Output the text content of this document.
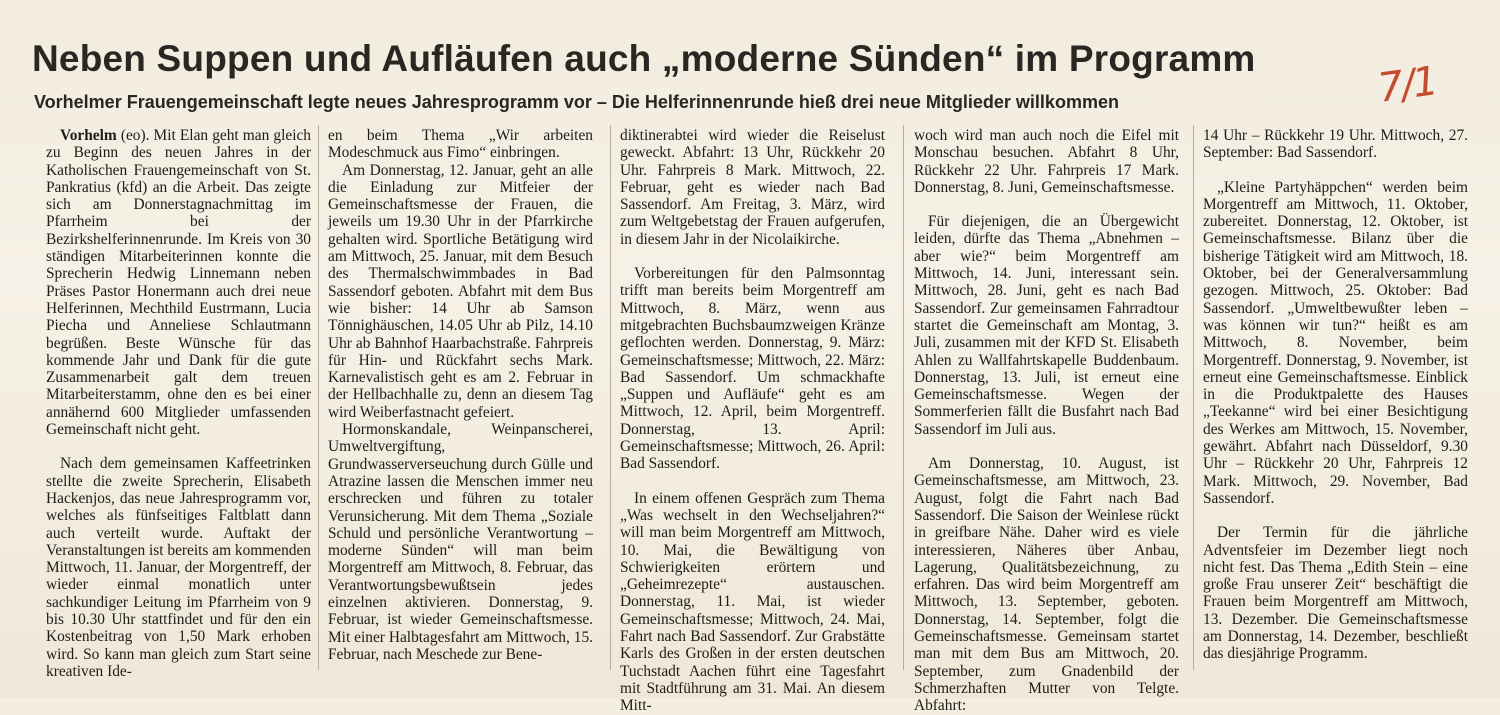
Neben Suppen und Aufläufen auch „moderne Sünden“ im Programm
Vorhelmer Frauengemeinschaft legte neues Jahresprogramm vor – Die Helferinnenrunde hieß drei neue Mitglieder willkommen	7/1

Vorhelm (eo). Mit Elan geht man gleich zu Beginn des neuen Jahres in der Katholischen Frauengemeinschaft von St. Pankratius (kfd) an die Arbeit. Das zeigte sich am Donnerstagnachmittag im Pfarrheim bei der Bezirkshelferinnenrunde. Im Kreis von 30 ständigen Mitarbeiterinnen konnte die Sprecherin Hedwig Linnemann neben Präses Pastor Honermann auch drei neue Helferinnen, Mechthild Eustrmann, Lucia Piecha und Anneliese Schlautmann begrüßen. Beste Wünsche für das kommende Jahr und Dank für die gute Zusammenarbeit galt dem treuen Mitarbeiterstamm, ohne den es bei einer annähernd 600 Mitglieder umfassenden Gemeinschaft nicht geht.

Nach dem gemeinsamen Kaffeetrinken stellte die zweite Sprecherin, Elisabeth Hackenjos, das neue Jahresprogramm vor, welches als fünfseitiges Faltblatt dann auch verteilt wurde. Auftakt der Veranstaltungen ist bereits am kommenden Mittwoch, 11. Januar, der Morgentreff, der wieder einmal monatlich unter sachkundiger Leitung im Pfarrheim von 9 bis 10.30 Uhr stattfindet und für den ein Kostenbeitrag von 1,50 Mark erhoben wird. So kann man gleich zum Start seine kreativen Ide-

en beim Thema „Wir arbeiten Modeschmuck aus Fimo“ einbringen.

Am Donnerstag, 12. Januar, geht an alle die Einladung zur Mitfeier der Gemeinschaftsmesse der Frauen, die jeweils um 19.30 Uhr in der Pfarrkirche gehalten wird. Sportliche Betätigung wird am Mittwoch, 25. Januar, mit dem Besuch des Thermalschwimmbades in Bad Sassendorf geboten. Abfahrt mit dem Bus wie bisher: 14 Uhr ab Samson Tönnighäuschen, 14.05 Uhr ab Pilz, 14.10 Uhr ab Bahnhof Haarbachstraße. Fahrpreis für Hin- und Rückfahrt sechs Mark. Karnevalistisch geht es am 2. Februar in der Hellbachhalle zu, denn an diesem Tag wird Weiberfastnacht gefeiert.

Hormonskandale, Weinpanscherei, Umweltvergiftung, Grundwasserverseuchung durch Gülle und Atrazine lassen die Menschen immer neu erschrecken und führen zu totaler Verunsicherung. Mit dem Thema „Soziale Schuld und persönliche Verantwortung – moderne Sünden“ will man beim Morgentreff am Mittwoch, 8. Februar, das Verantwortungsbewußtsein jedes einzelnen aktivieren. Donnerstag, 9. Februar, ist wieder Gemeinschaftsmesse. Mit einer Halbtagesfahrt am Mittwoch, 15. Februar, nach Meschede zur Bene-

diktinerabtei wird wieder die Reiselust geweckt. Abfahrt: 13 Uhr, Rückkehr 20 Uhr. Fahrpreis 8 Mark. Mittwoch, 22. Februar, geht es wieder nach Bad Sassendorf. Am Freitag, 3. März, wird zum Weltgebetstag der Frauen aufgerufen, in diesem Jahr in der Nicolaikirche.

Vorbereitungen für den Palmsonntag trifft man bereits beim Morgentreff am Mittwoch, 8. März, wenn aus mitgebrachten Buchsbaumzweigen Kränze geflochten werden. Donnerstag, 9. März: Gemeinschaftsmesse; Mittwoch, 22. März: Bad Sassendorf. Um schmackhafte „Suppen und Aufläufe“ geht es am Mittwoch, 12. April, beim Morgentreff. Donnerstag, 13. April: Gemeinschaftsmesse; Mittwoch, 26. April: Bad Sassendorf.

In einem offenen Gespräch zum Thema „Was wechselt in den Wechseljahren?“ will man beim Morgentreff am Mittwoch, 10. Mai, die Bewältigung von Schwierigkeiten erörtern und „Geheimrezepte“ austauschen. Donnerstag, 11. Mai, ist wieder Gemeinschaftsmesse; Mittwoch, 24. Mai, Fahrt nach Bad Sassendorf. Zur Grabstätte Karls des Großen in der ersten deutschen Tuchstadt Aachen führt eine Tagesfahrt mit Stadtführung am 31. Mai. An diesem Mitt-

woch wird man auch noch die Eifel mit Monschau besuchen. Abfahrt 8 Uhr, Rückkehr 22 Uhr. Fahrpreis 17 Mark. Donnerstag, 8. Juni, Gemeinschaftsmesse.

Für diejenigen, die an Übergewicht leiden, dürfte das Thema „Abnehmen – aber wie?“ beim Morgentreff am Mittwoch, 14. Juni, interessant sein. Mittwoch, 28. Juni, geht es nach Bad Sassendorf. Zur gemeinsamen Fahrradtour startet die Gemeinschaft am Montag, 3. Juli, zusammen mit der KFD St. Elisabeth Ahlen zu Wallfahrtskapelle Buddenbaum. Donnerstag, 13. Juli, ist erneut eine Gemeinschaftsmesse. Wegen der Sommerferien fällt die Busfahrt nach Bad Sassendorf im Juli aus.

Am Donnerstag, 10. August, ist Gemeinschaftsmesse, am Mittwoch, 23. August, folgt die Fahrt nach Bad Sassendorf. Die Saison der Weinlese rückt in greifbare Nähe. Daher wird es viele interessieren, Näheres über Anbau, Lagerung, Qualitätsbezeichnung, zu erfahren. Das wird beim Morgentreff am Mittwoch, 13. September, geboten. Donnerstag, 14. September, folgt die Gemeinschaftsmesse. Gemeinsam startet man mit dem Bus am Mittwoch, 20. September, zum Gnadenbild der Schmerzhaften Mutter von Telgte. Abfahrt:

14 Uhr – Rückkehr 19 Uhr. Mittwoch, 27. September: Bad Sassendorf.

„Kleine Partyhäppchen“ werden beim Morgentreff am Mittwoch, 11. Oktober, zubereitet. Donnerstag, 12. Oktober, ist Gemeinschaftsmesse. Bilanz über die bisherige Tätigkeit wird am Mittwoch, 18. Oktober, bei der Generalversammlung gezogen. Mittwoch, 25. Oktober: Bad Sassendorf. „Umweltbewußter leben – was können wir tun?“ heißt es am Mittwoch, 8. November, beim Morgentreff. Donnerstag, 9. November, ist erneut eine Gemeinschaftsmesse. Einblick in die Produktpalette des Hauses „Teekanne“ wird bei einer Besichtigung des Werkes am Mittwoch, 15. November, gewährt. Abfahrt nach Düsseldorf, 9.30 Uhr – Rückkehr 20 Uhr, Fahrpreis 12 Mark. Mittwoch, 29. November, Bad Sassendorf.

Der Termin für die jährliche Adventsfeier im Dezember liegt noch nicht fest. Das Thema „Edith Stein – eine große Frau unserer Zeit“ beschäftigt die Frauen beim Morgentreff am Mittwoch, 13. Dezember. Die Gemeinschaftsmesse am Donnerstag, 14. Dezember, beschließt das diesjährige Programm.
